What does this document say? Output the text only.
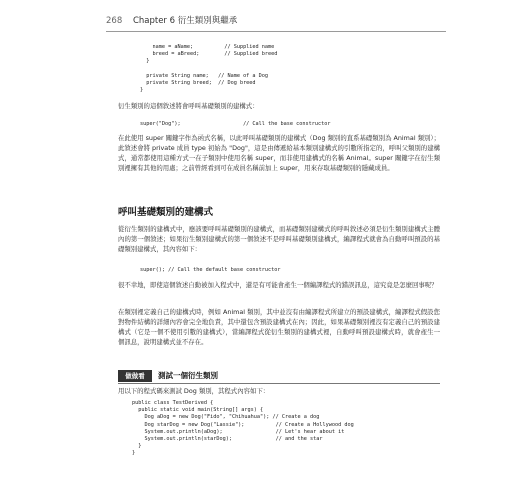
268 Chapter 6 衍生類別與繼承
name = aName;          // Supplied name
breed = aBreed;        // Supplied breed
}

private String name;   // Name of a Dog
private String breed;  // Dog breed
}

衍生類別的這個敘述將會呼叫基礎類別的建構式：

super("Dog");                    // Call the base constructor

在此使用 super 關鍵字作為函式名稱，以此呼叫基礎類別的建構式（Dog 類別的直系基礎類別為 Animal 類別）；此敘述會將 private 成員 type 初始為 "Dog"，這是由傳遞給基本類別建構式的引數所指定的，呼叫父類別的建構式，通常都使用這種方式一在子類別中使用名稱 super，而非使用建構式的名稱 Animal。super 關鍵字在衍生類別裡擁有其他的用處；之前曾經看到可在成員名稱前加上 super，用來存取基礎類別的隱藏成員。

呼叫基礎類別的建構式

從衍生類別的建構式中，應該要呼叫基礎類別的建構式，而基礎類別建構式的呼叫敘述必須是衍生類別建構式主體內的第一個敘述；如果衍生類別建構式的第一個敘述不是呼叫基礎類別建構式，編譯程式就會為自動呼叫預設的基礎類別建構式，其內容如下：

super(); // Call the default base constructor

很不幸地，即使這個敘述自動被加入程式中，還是有可能會產生一個編譯程式的錯誤訊息，這究竟是怎麼回事呢？

在類別裡定義自己的建構式時，例如 Animal 類別，其中並沒有由編譯程式所建立的預設建構式，編譯程式假設您對物件結構的詳細內容會完全地負責，其中還包含預設建構式在內；因此，如果基礎類別裡沒有定義自己的預設建構式（它是一個不使用引數的建構式），當編譯程式從衍生類別的建構式裡，自動呼叫預設建構式時，就會產生一個訊息，說明建構式並不存在。

做做看	測試一個衍生類別

用以下的程式碼來測試 Dog 類別，其程式內容如下：

public class TestDerived {
public static void main(String[] args) {
Dog aDog = new Dog("Fido", "Chihuahua"); // Create a dog
Dog starDog = new Dog("Lassie");          // Create a Hollywood dog
System.out.println(aDog);                 // Let's hear about it
System.out.println(starDog);              // and the star
}
}
